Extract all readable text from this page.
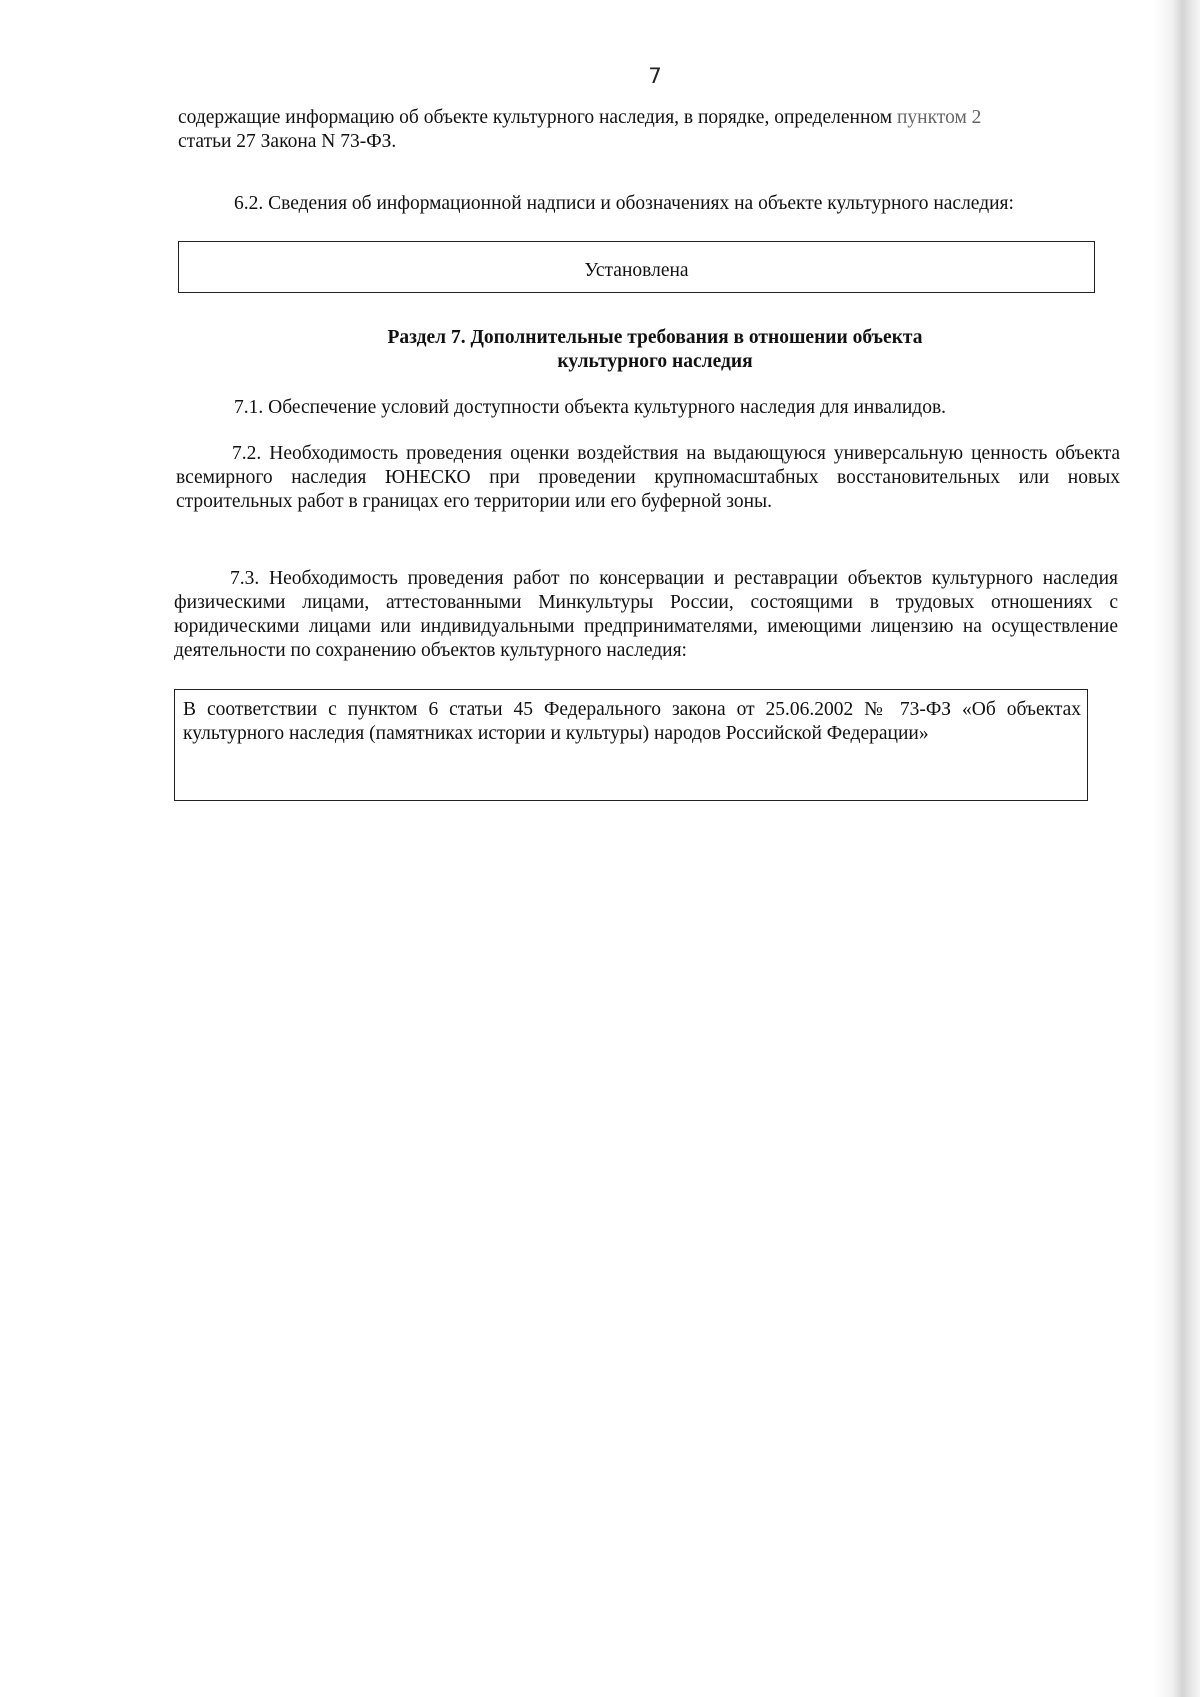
7
содержащие информацию об объекте культурного наследия, в порядке, определенном пунктом 2
статьи 27 Закона N 73-ФЗ.
6.2. Сведения об информационной надписи и обозначениях на объекте культурного наследия:
Установлена
Раздел 7. Дополнительные требования в отношении объекта
культурного наследия
7.1. Обеспечение условий доступности объекта культурного наследия для инвалидов.
7.2. Необходимость проведения оценки воздействия на выдающуюся универсальную ценность объекта всемирного наследия ЮНЕСКО при проведении крупномасштабных восстановительных или новых строительных работ в границах его территории или его буферной зоны.
7.3. Необходимость проведения работ по консервации и реставрации объектов культурного наследия физическими лицами, аттестованными Минкультуры России, состоящими в трудовых отношениях с юридическими лицами или индивидуальными предпринимателями, имеющими лицензию на осуществление деятельности по сохранению объектов культурного наследия:
В соответствии с пунктом 6 статьи 45 Федерального закона от 25.06.2002 № 73-ФЗ «Об объектах культурного наследия (памятниках истории и культуры) народов Российской Федерации»
